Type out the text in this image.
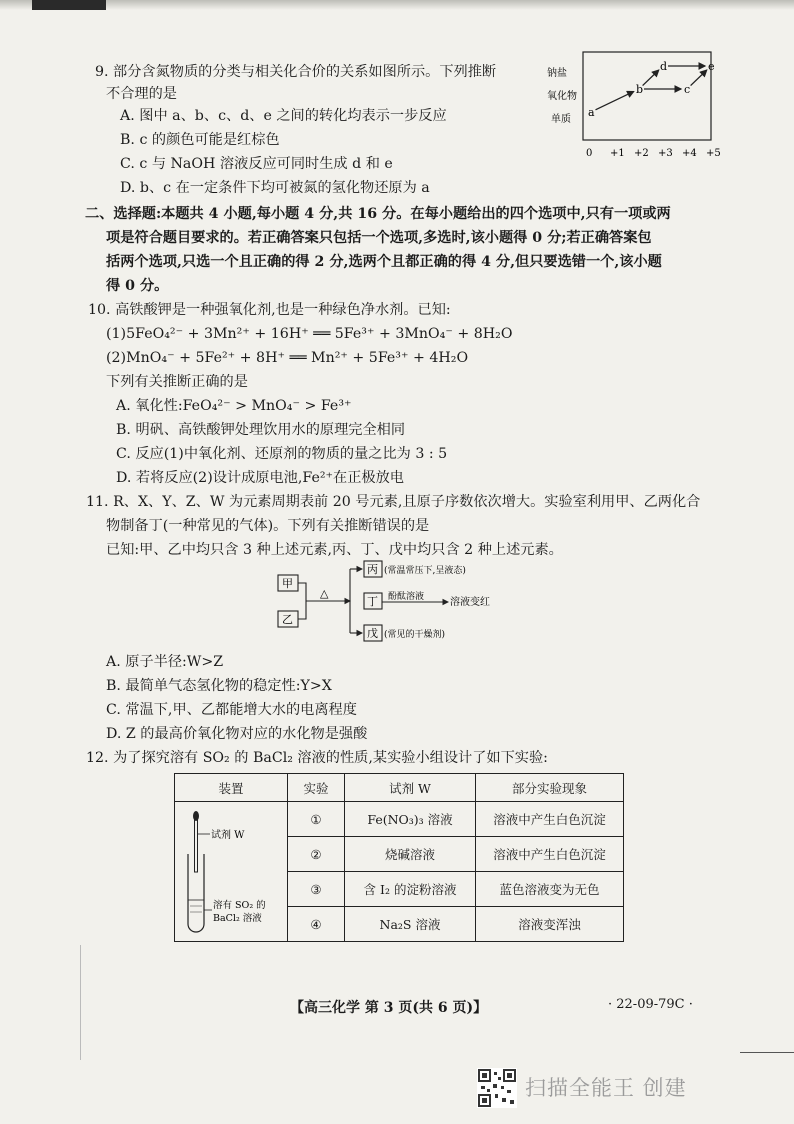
9. 部分含氮物质的分类与相关化合价的关系如图所示。下列推断
不合理的是
A. 图中 a、b、c、d、e 之间的转化均表示一步反应
B. c 的颜色可能是红棕色
C. c 与 NaOH 溶液反应可同时生成 d 和 e
D. b、c 在一定条件下均可被氮的氢化物还原为 a
钠盐
氧化物
单质
0 +1 +2 +3 +4 +5
a
b	c
d	e
二、选择题:本题共 4 小题,每小题 4 分,共 16 分。在每小题给出的四个选项中,只有一项或两
项是符合题目要求的。若正确答案只包括一个选项,多选时,该小题得 0 分;若正确答案包
括两个选项,只选一个且正确的得 2 分,选两个且都正确的得 4 分,但只要选错一个,该小题
得 0 分。
10. 高铁酸钾是一种强氧化剂,也是一种绿色净水剂。已知:
(1)5FeO₄²⁻ + 3Mn²⁺ + 16H⁺ ══ 5Fe³⁺ + 3MnO₄⁻ + 8H₂O
(2)MnO₄⁻ + 5Fe²⁺ + 8H⁺ ══ Mn²⁺ + 5Fe³⁺ + 4H₂O
下列有关推断正确的是
A. 氧化性:FeO₄²⁻ > MnO₄⁻ > Fe³⁺
B. 明矾、高铁酸钾处理饮用水的原理完全相同
C. 反应(1)中氧化剂、还原剂的物质的量之比为 3 : 5
D. 若将反应(2)设计成原电池,Fe²⁺在正极放电
11. R、X、Y、Z、W 为元素周期表前 20 号元素,且原子序数依次增大。实验室利用甲、乙两化合
物制备丁(一种常见的气体)。下列有关推断错误的是
已知:甲、乙中均只含 3 种上述元素,丙、丁、戊中均只含 2 种上述元素。
甲
乙
△
丙 (常温常压下,呈液态)
丁 酚酞溶液	溶液变红
戊 (常见的干燥剂)
A. 原子半径:W>Z
B. 最简单气态氢化物的稳定性:Y>X
C. 常温下,甲、乙都能增大水的电离程度
D. Z 的最高价氧化物对应的水化物是强酸
12. 为了探究溶有 SO₂ 的 BaCl₂ 溶液的性质,某实验小组设计了如下实验:
装置	实验	试剂 W	部分实验现象

试剂 W
溶有 SO₂ 的
BaCl₂ 溶液	①	Fe(NO₃)₃ 溶液	溶液中产生白色沉淀
	②	烧碱溶液	溶液中产生白色沉淀
	③	含 I₂ 的淀粉溶液	蓝色溶液变为无色
	④	Na₂S 溶液	溶液变浑浊
【高三化学 第 3 页(共 6 页)】	· 22-09-79C ·
扫描全能王 创建
